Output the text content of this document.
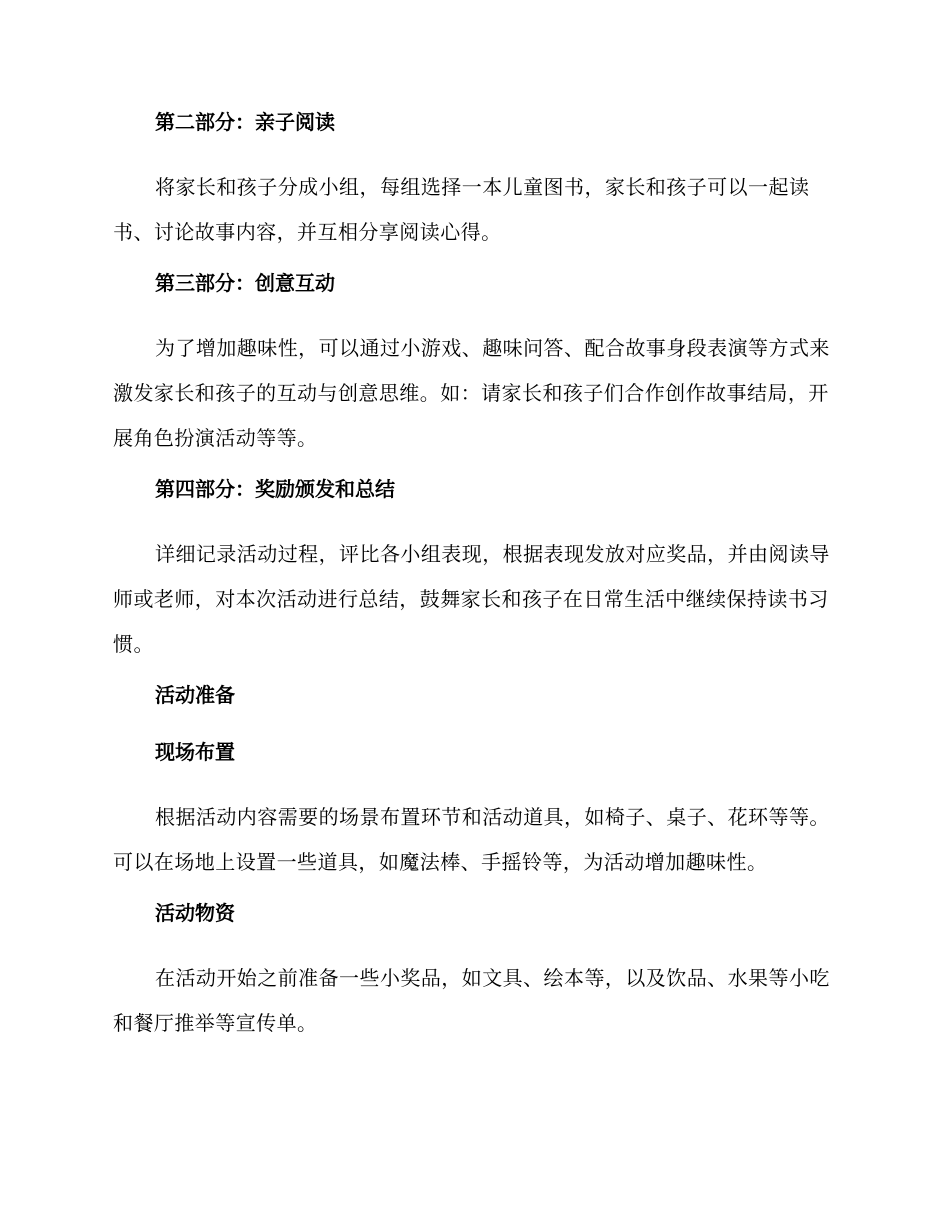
第二部分：亲子阅读
将家长和孩子分成小组，每组选择一本儿童图书，家长和孩子可以一起读书、讨论故事内容，并互相分享阅读心得。
第三部分：创意互动
为了增加趣味性，可以通过小游戏、趣味问答、配合故事身段表演等方式来激发家长和孩子的互动与创意思维。如：请家长和孩子们合作创作故事结局，开展角色扮演活动等等。
第四部分：奖励颁发和总结
详细记录活动过程，评比各小组表现，根据表现发放对应奖品，并由阅读导师或老师，对本次活动进行总结，鼓舞家长和孩子在日常生活中继续保持读书习惯。
活动准备
现场布置
根据活动内容需要的场景布置环节和活动道具，如椅子、桌子、花环等等。可以在场地上设置一些道具，如魔法棒、手摇铃等，为活动增加趣味性。
活动物资
在活动开始之前准备一些小奖品，如文具、绘本等，以及饮品、水果等小吃和餐厅推举等宣传单。
